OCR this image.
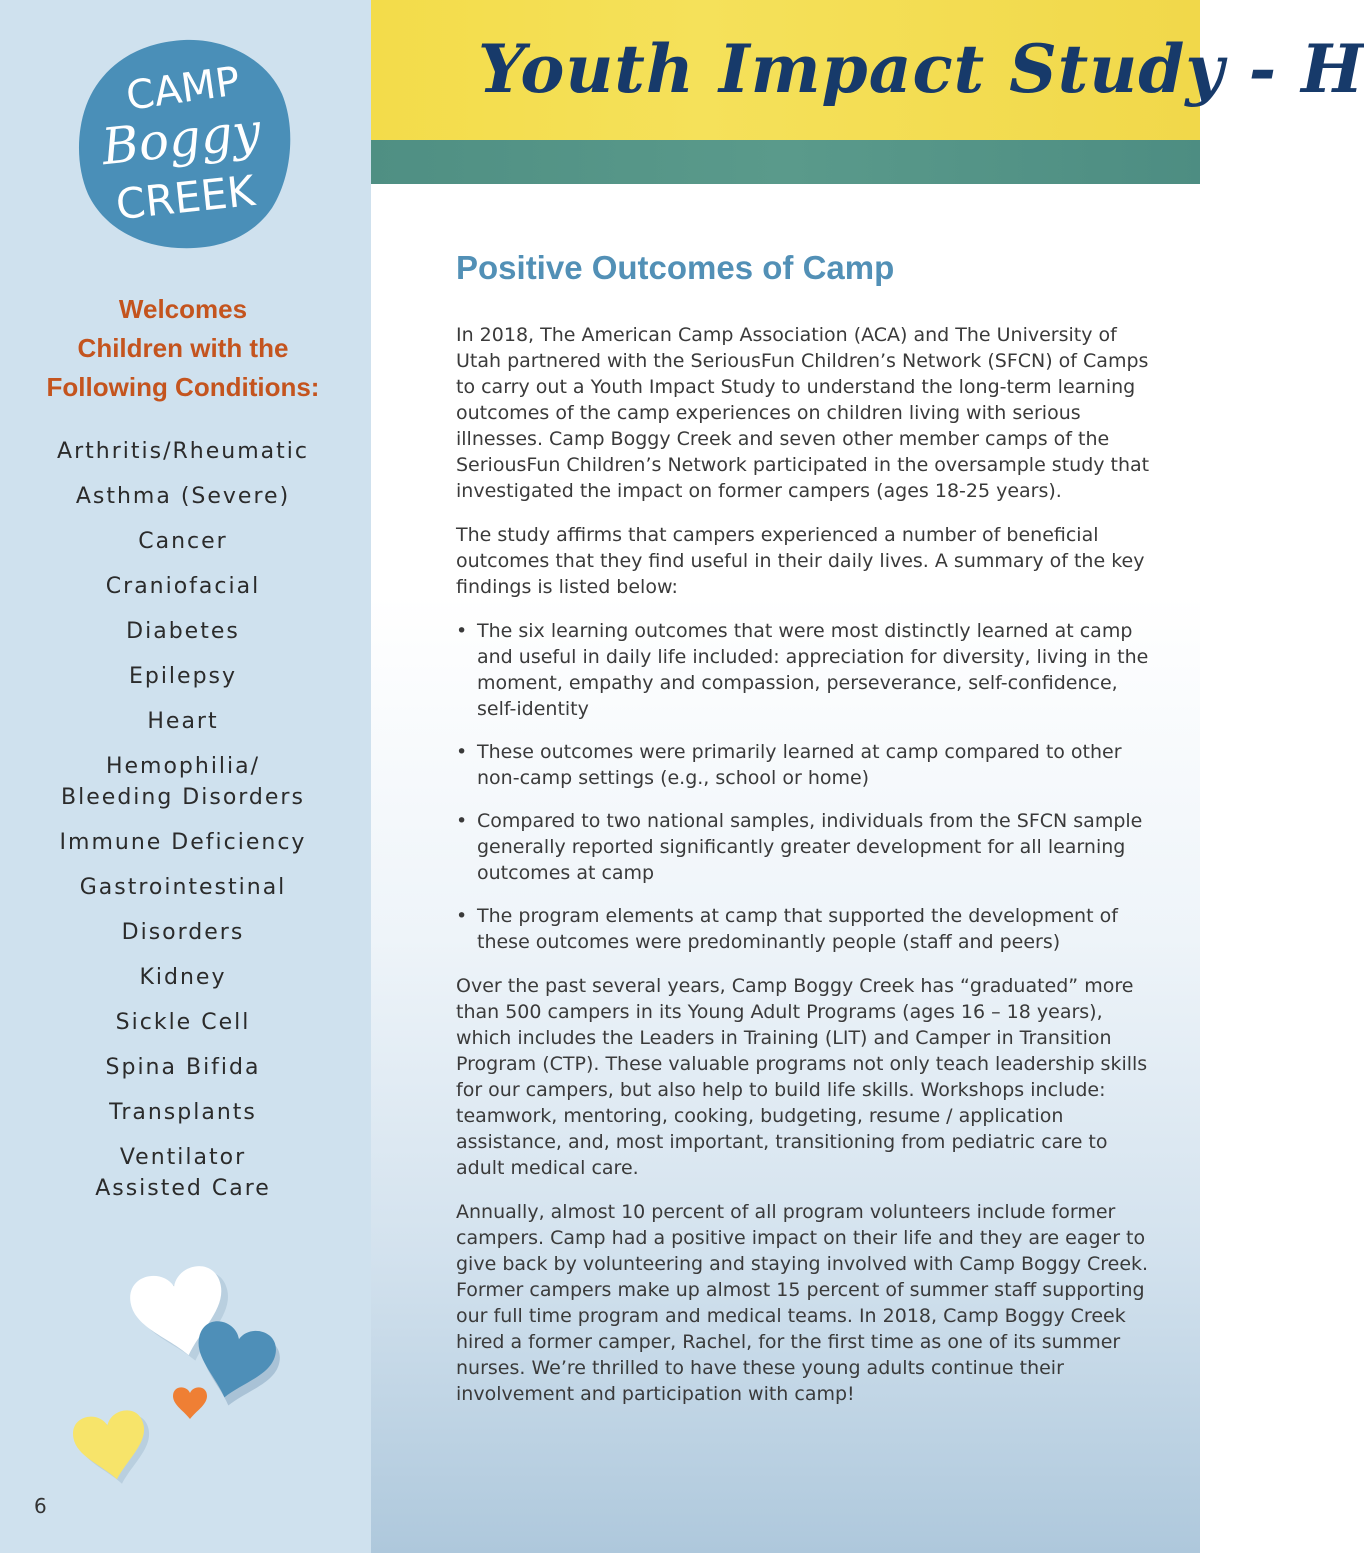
CAMP
Boggy
CREEK
Welcomes
Children with the
Following Conditions:
Arthritis/Rheumatic
Asthma (Severe)
Cancer
Craniofacial
Diabetes
Epilepsy
Heart
Hemophilia/
Bleeding Disorders
Immune Deficiency
Gastrointestinal
Disorders
Kidney
Sickle Cell
Spina Bifida
Transplants
Ventilator
Assisted Care
6
Youth Impact Study - H
Positive Outcomes of Camp

In 2018, The American Camp Association (ACA) and The University of Utah partnered with the SeriousFun Children’s Network (SFCN) of Camps to carry out a Youth Impact Study to understand the long-term learning outcomes of the camp experiences on children living with serious illnesses. Camp Boggy Creek and seven other member camps of the SeriousFun Children’s Network participated in the oversample study that investigated the impact on former campers (ages 18-25 years).

The study affirms that campers experienced a number of beneficial outcomes that they find useful in their daily lives. A summary of the key findings is listed below:

• The six learning outcomes that were most distinctly learned at camp and useful in daily life included: appreciation for diversity, living in the moment, empathy and compassion, perseverance, self-confidence, self-identity
• These outcomes were primarily learned at camp compared to other non-camp settings (e.g., school or home)
• Compared to two national samples, individuals from the SFCN sample generally reported significantly greater development for all learning outcomes at camp
• The program elements at camp that supported the development of these outcomes were predominantly people (staff and peers)

Over the past several years, Camp Boggy Creek has “graduated” more than 500 campers in its Young Adult Programs (ages 16 – 18 years), which includes the Leaders in Training (LIT) and Camper in Transition Program (CTP). These valuable programs not only teach leadership skills for our campers, but also help to build life skills. Workshops include: teamwork, mentoring, cooking, budgeting, resume / application assistance, and, most important, transitioning from pediatric care to adult medical care.

Annually, almost 10 percent of all program volunteers include former campers. Camp had a positive impact on their life and they are eager to give back by volunteering and staying involved with Camp Boggy Creek. Former campers make up almost 15 percent of summer staff supporting our full time program and medical teams. In 2018, Camp Boggy Creek hired a former camper, Rachel, for the first time as one of its summer nurses. We’re thrilled to have these young adults continue their involvement and participation with camp!
